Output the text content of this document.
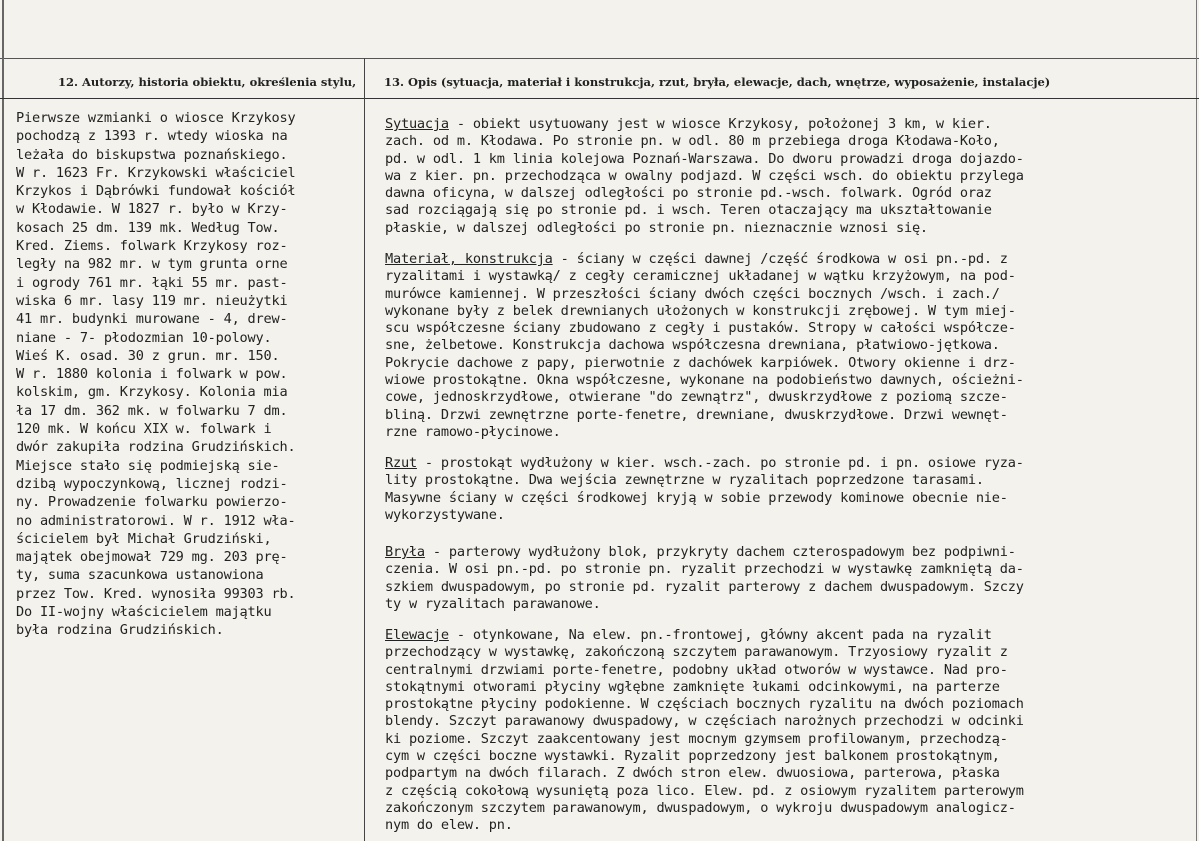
12. Autorzy, historia obiektu, określenia stylu, 13. Opis (sytuacja, materiał i konstrukcja, rzut, bryła, elewacje, dach, wnętrze, wyposażenie, instalacje)
Pierwsze wzmianki o wiosce Krzykosy
pochodzą z 1393 r. wtedy wioska na
leżała do biskupstwa poznańskiego.
W r. 1623 Fr. Krzykowski właściciel
Krzykos i Dąbrówki fundował kościół
w Kłodawie. W 1827 r. było w Krzy-
kosach 25 dm. 139 mk. Według Tow.
Kred. Ziems. folwark Krzykosy roz-
legły na 982 mr. w tym grunta orne
i ogrody 761 mr. łąki 55 mr. past-
wiska 6 mr. lasy 119 mr. nieużytki
41 mr. budynki murowane - 4, drew-
niane - 7- płodozmian 10-polowy.
Wieś K. osad. 30 z grun. mr. 150.
W r. 1880 kolonia i folwark w pow.
kolskim, gm. Krzykosy. Kolonia mia
ła 17 dm. 362 mk. w folwarku 7 dm.
120 mk. W końcu XIX w. folwark i
dwór zakupiła rodzina Grudzińskich.
Miejsce stało się podmiejską sie-
dzibą wypoczynkową, licznej rodzi-
ny. Prowadzenie folwarku powierzo-
no administratorowi. W r. 1912 wła-
ścicielem był Michał Grudziński,
majątek obejmował 729 mg. 203 prę-
ty, suma szacunkowa ustanowiona
przez Tow. Kred. wynosiła 99303 rb.
Do II-wojny właścicielem majątku
była rodzina Grudzińskich.
Sytuacja - obiekt usytuowany jest w wiosce Krzykosy, położonej 3 km, w kier.
zach. od m. Kłodawa. Po stronie pn. w odl. 80 m przebiega droga Kłodawa-Koło,
pd. w odl. 1 km linia kolejowa Poznań-Warszawa. Do dworu prowadzi droga dojazdo-
wa z kier. pn. przechodząca w owalny podjazd. W części wsch. do obiektu przylega
dawna oficyna, w dalszej odległości po stronie pd.-wsch. folwark. Ogród oraz
sad rozciągają się po stronie pd. i wsch. Teren otaczający ma ukształtowanie
płaskie, w dalszej odległości po stronie pn. nieznacznie wznosi się.
Materiał, konstrukcja - ściany w części dawnej /część środkowa w osi pn.-pd. z
ryzalitami i wystawką/ z cegły ceramicznej układanej w wątku krzyżowym, na pod-
murówce kamiennej. W przeszłości ściany dwóch części bocznych /wsch. i zach./
wykonane były z belek drewnianych ułożonych w konstrukcji zrębowej. W tym miej-
scu współczesne ściany zbudowano z cegły i pustaków. Stropy w całości współcze-
sne, żelbetowe. Konstrukcja dachowa współczesna drewniana, płatwiowo-jętkowa.
Pokrycie dachowe z papy, pierwotnie z dachówek karpiówek. Otwory okienne i drz-
wiowe prostokątne. Okna współczesne, wykonane na podobieństwo dawnych, ościeżni-
cowe, jednoskrzydłowe, otwierane "do zewnątrz", dwuskrzydłowe z poziomą szcze-
bliną. Drzwi zewnętrzne porte-fenetre, drewniane, dwuskrzydłowe. Drzwi wewnęt-
rzne ramowo-płycinowe.
Rzut - prostokąt wydłużony w kier. wsch.-zach. po stronie pd. i pn. osiowe ryza-
lity prostokątne. Dwa wejścia zewnętrzne w ryzalitach poprzedzone tarasami.
Masywne ściany w części środkowej kryją w sobie przewody kominowe obecnie nie-
wykorzystywane.
Bryła - parterowy wydłużony blok, przykryty dachem czterospadowym bez podpiwni-
czenia. W osi pn.-pd. po stronie pn. ryzalit przechodzi w wystawkę zamkniętą da-
szkiem dwuspadowym, po stronie pd. ryzalit parterowy z dachem dwuspadowym. Szczy
ty w ryzalitach parawanowe.
Elewacje - otynkowane, Na elew. pn.-frontowej, główny akcent pada na ryzalit
przechodzący w wystawkę, zakończoną szczytem parawanowym. Trzyosiowy ryzalit z
centralnymi drzwiami porte-fenetre, podobny układ otworów w wystawce. Nad pro-
stokątnymi otworami płyciny wgłębne zamknięte łukami odcinkowymi, na parterze
prostokątne płyciny podokienne. W częściach bocznych ryzalitu na dwóch poziomach
blendy. Szczyt parawanowy dwuspadowy, w częściach narożnych przechodzi w odcinki
ki poziome. Szczyt zaakcentowany jest mocnym gzymsem profilowanym, przechodzą-
cym w części boczne wystawki. Ryzalit poprzedzony jest balkonem prostokątnym,
podpartym na dwóch filarach. Z dwóch stron elew. dwuosiowa, parterowa, płaska
z częścią cokołową wysuniętą poza lico. Elew. pd. z osiowym ryzalitem parterowym
zakończonym szczytem parawanowym, dwuspadowym, o wykroju dwuspadowym analogicz-
nym do elew. pn.
